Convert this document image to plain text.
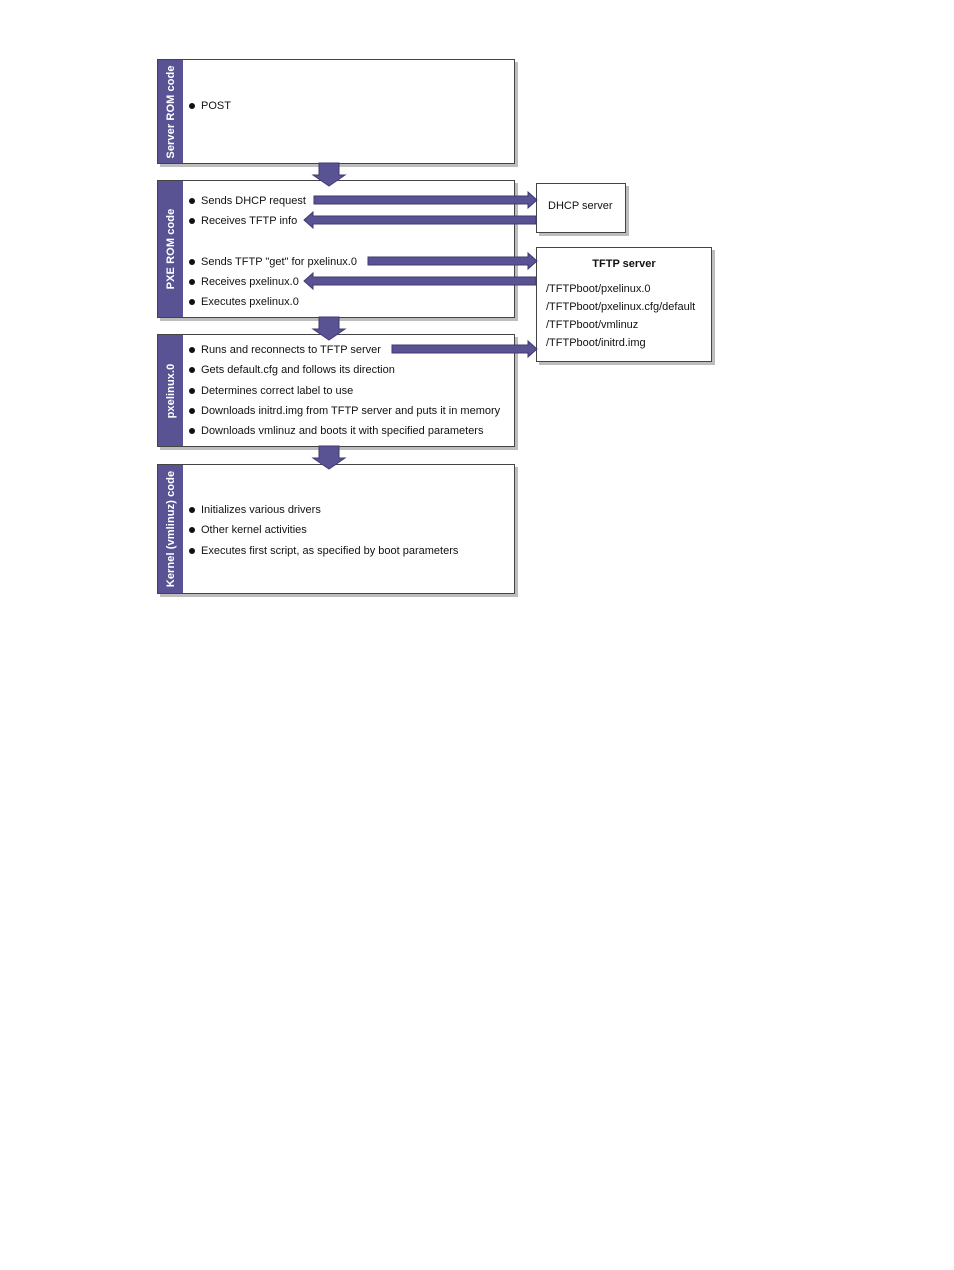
Server ROM code POST
PXE ROM code
Sends DHCP request
Receives TFTP info
Sends TFTP "get" for pxelinux.0
Receives pxelinux.0
Executes pxelinux.0
pxelinux.0
Runs and reconnects to TFTP server
Gets default.cfg and follows its direction
Determines correct label to use
Downloads initrd.img from TFTP server and puts it in memory
Downloads vmlinuz and boots it with specified parameters
Kernel (vmlinuz) code Initializes various drivers
Other kernel activities
Executes first script, as specified by boot parameters
DHCP server
TFTP server
/TFTPboot/pxelinux.0
/TFTPboot/pxelinux.cfg/default
/TFTPboot/vmlinuz
/TFTPboot/initrd.img
